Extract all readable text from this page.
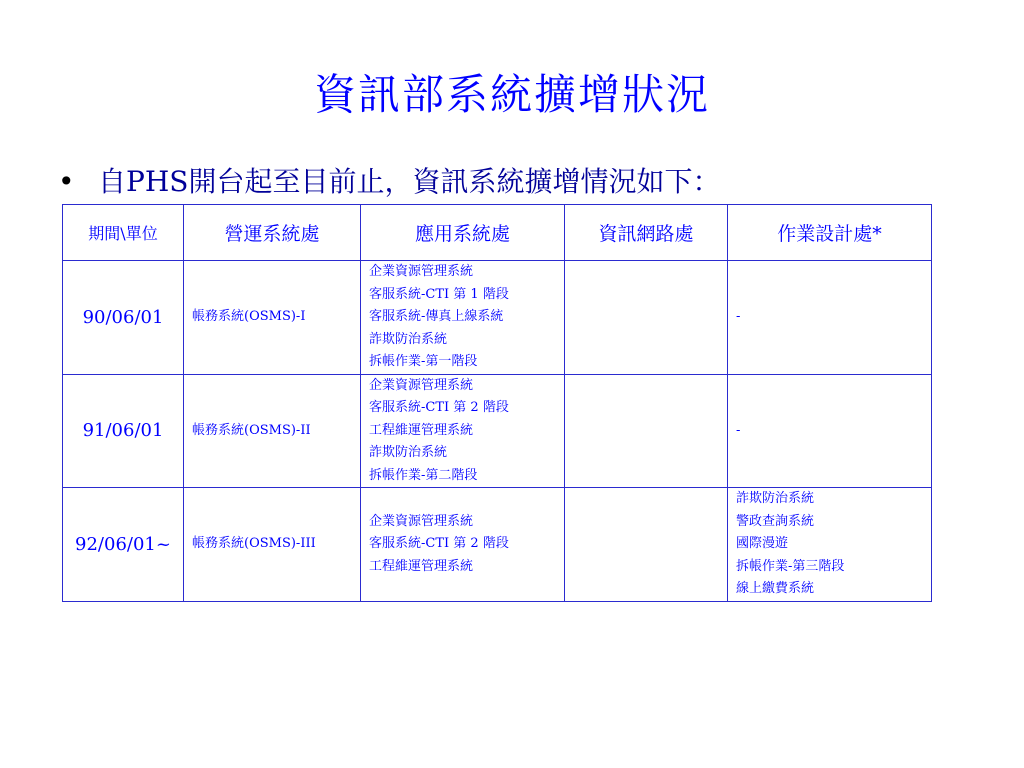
資訊部系統擴增狀況
• 自PHS開台起至目前止，資訊系統擴增情況如下：
期間\單位	營運系統處	應用系統處	資訊網路處	作業設計處*
90/06/01	帳務系統(OSMS)-I	企業資源管理系統
客服系統-CTI 第 1 階段
客服系統-傳真上線系統
詐欺防治系統
拆帳作業-第一階段		-

91/06/01	帳務系統(OSMS)-II	企業資源管理系統
客服系統-CTI 第 2 階段
工程維運管理系統
詐欺防治系統
拆帳作業-第二階段		-

92/06/01~	帳務系統(OSMS)-III	企業資源管理系統
客服系統-CTI 第 2 階段
工程維運管理系統		詐欺防治系統
警政查詢系統
國際漫遊
拆帳作業-第三階段
線上繳費系統
